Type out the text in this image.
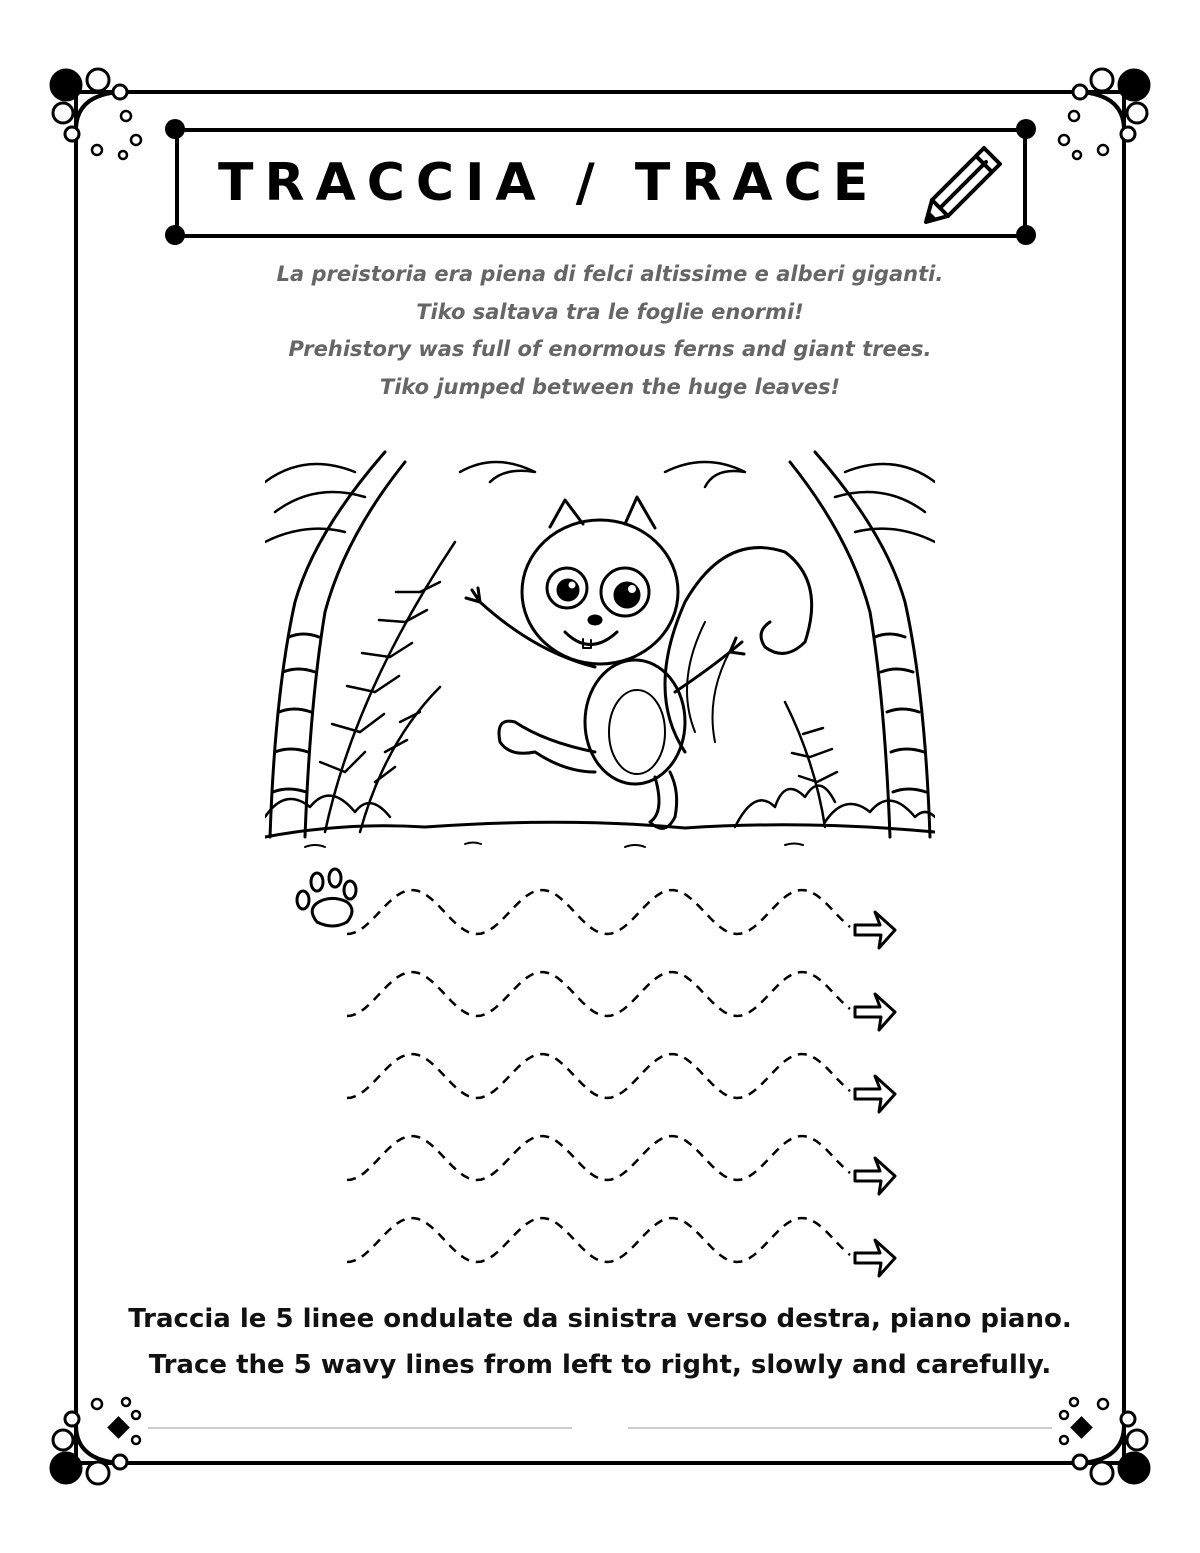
TRACCIA / TRACE
La preistoria era piena di felci altissime e alberi giganti.
Tiko saltava tra le foglie enormi!
Prehistory was full of enormous ferns and giant trees.
Tiko jumped between the huge leaves!
Traccia le 5 linee ondulate da sinistra verso destra, piano piano.
Trace the 5 wavy lines from left to right, slowly and carefully.
